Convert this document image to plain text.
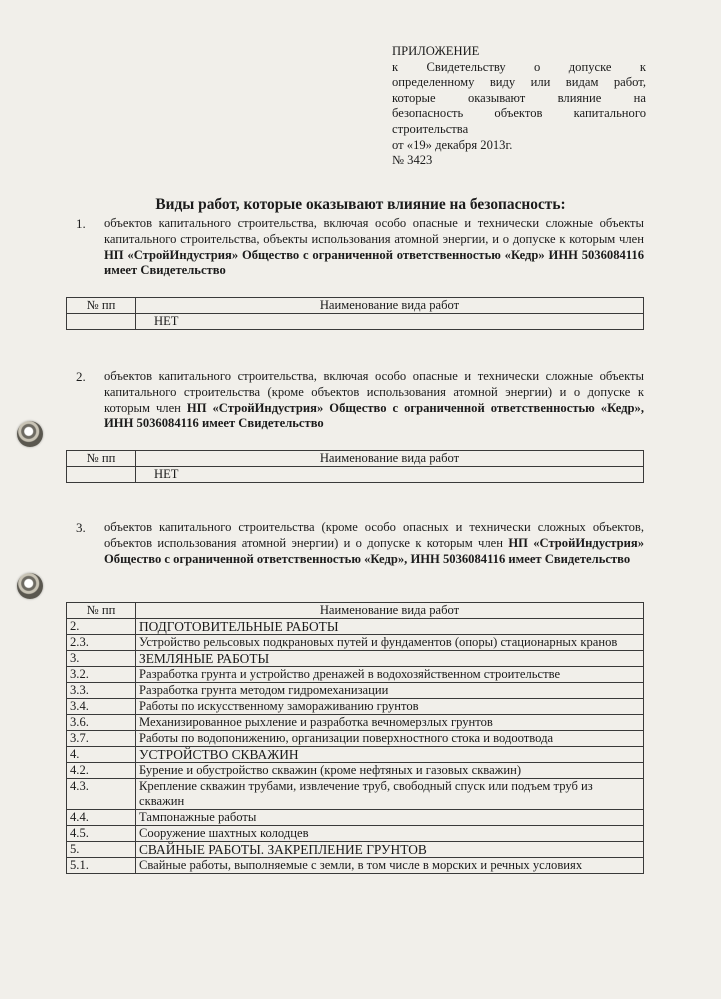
ПРИЛОЖЕНИЕ
к Свидетельству о допуске к
определенному виду или видам работ,
которые оказывают влияние на
безопасность объектов капитального
строительства
от «19» декабря 2013г.
№ 3423
Виды работ, которые оказывают влияние на безопасность:
1. объектов капитального строительства, включая особо опасные и технически сложные объекты капитального строительства, объекты использования атомной энергии, и о допуске к которым член НП «СтройИндустрия» Общество с ограниченной ответственностью «Кедр» ИНН 5036084116 имеет Свидетельство
№ пп	Наименование вида работ
	НЕТ
2. объектов капитального строительства, включая особо опасные и технически сложные объекты капитального строительства (кроме объектов использования атомной энергии) и о допуске к которым член НП «СтройИндустрия» Общество с ограниченной ответственностью «Кедр», ИНН 5036084116 имеет Свидетельство
№ пп	Наименование вида работ
	НЕТ
3. объектов капитального строительства (кроме особо опасных и технически сложных объектов, объектов использования атомной энергии) и о допуске к которым член НП «СтройИндустрия» Общество с ограниченной ответственностью «Кедр», ИНН 5036084116 имеет Свидетельство
№ пп	Наименование вида работ
2.	ПОДГОТОВИТЕЛЬНЫЕ РАБОТЫ
2.3.	Устройство рельсовых подкрановых путей и фундаментов (опоры) стационарных кранов
3.	ЗЕМЛЯНЫЕ РАБОТЫ
3.2.	Разработка грунта и устройство дренажей в водохозяйственном строительстве
3.3.	Разработка грунта методом гидромеханизации
3.4.	Работы по искусственному замораживанию грунтов
3.6.	Механизированное рыхление и разработка вечномерзлых грунтов
3.7.	Работы по водопонижению, организации поверхностного стока и водоотвода
4.	УСТРОЙСТВО СКВАЖИН
4.2.	Бурение и обустройство скважин (кроме нефтяных и газовых скважин)
4.3.	Крепление скважин трубами, извлечение труб, свободный спуск или подъем труб из скважин
4.4.	Тампонажные работы
4.5.	Сооружение шахтных колодцев
5.	СВАЙНЫЕ РАБОТЫ. ЗАКРЕПЛЕНИЕ ГРУНТОВ
5.1.	Свайные работы, выполняемые с земли, в том числе в морских и речных условиях
